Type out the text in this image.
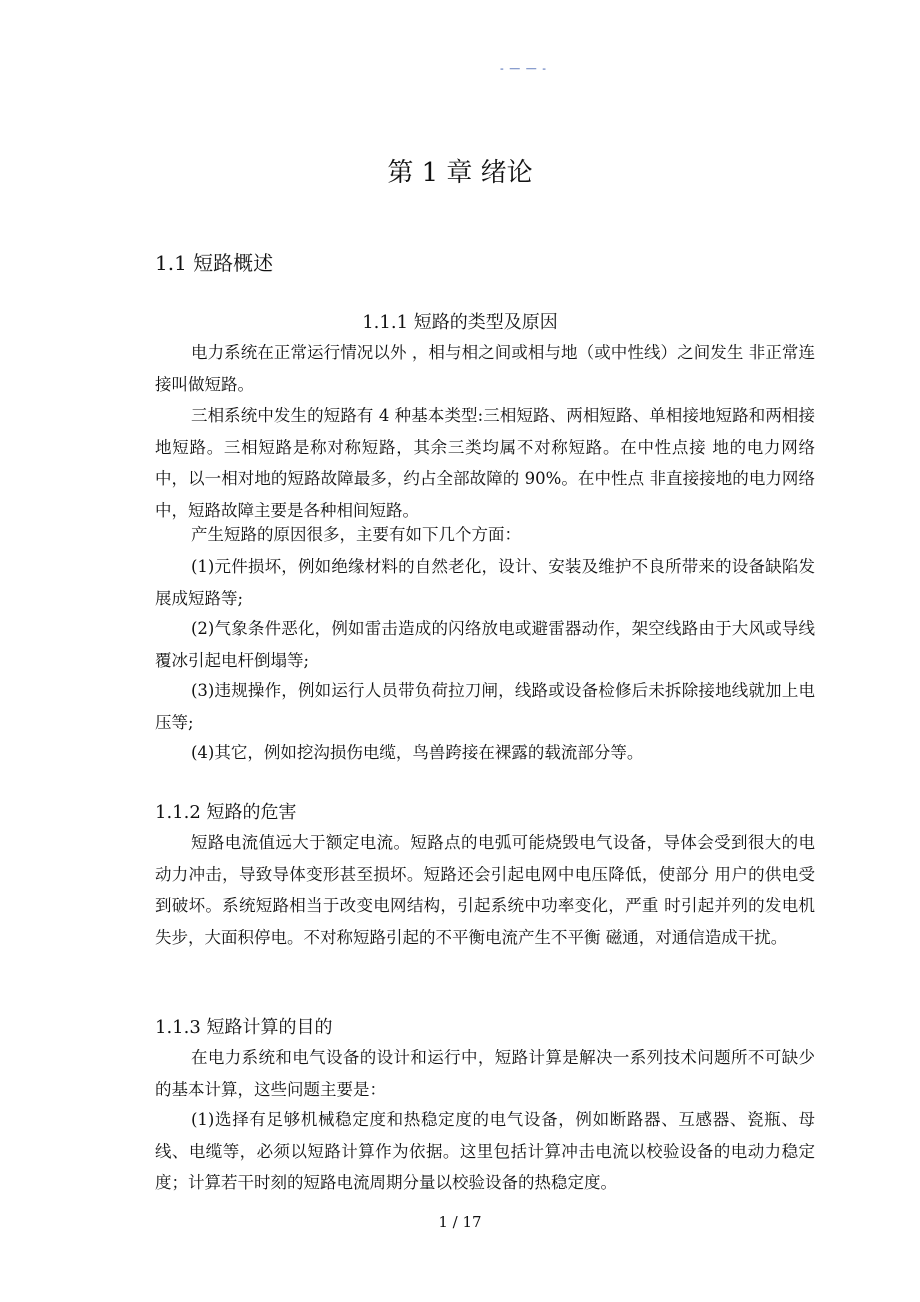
- — — -
第 1 章 绪论
1.1 短路概述
1.1.1 短路的类型及原因

电力系统在正常运行情况以外 ，相与相之间或相与地（或中性线）之间发生 非正常连接叫做短路。

三相系统中发生的短路有 4 种基本类型:三相短路、两相短路、单相接地短路和两相接地短路。三相短路是称对称短路，其余三类均属不对称短路。在中性点接 地的电力网络中，以一相对地的短路故障最多，约占全部故障的 90%。在中性点 非直接接地的电力网络中，短路故障主要是各种相间短路。

产生短路的原因很多，主要有如下几个方面：

(1)元件损坏，例如绝缘材料的自然老化，设计、安装及维护不良所带来的设备缺陷发展成短路等;

(2)气象条件恶化，例如雷击造成的闪络放电或避雷器动作，架空线路由于大风或导线覆冰引起电杆倒塌等;

(3)违规操作，例如运行人员带负荷拉刀闸，线路或设备检修后未拆除接地线就加上电压等;

(4)其它，例如挖沟损伤电缆，鸟兽跨接在裸露的载流部分等。

1.1.2 短路的危害

短路电流值远大于额定电流。短路点的电弧可能烧毁电气设备，导体会受到很大的电动力冲击，导致导体变形甚至损坏。短路还会引起电网中电压降低，使部分 用户的供电受到破坏。系统短路相当于改变电网结构，引起系统中功率变化，严重 时引起并列的发电机失步，大面积停电。不对称短路引起的不平衡电流产生不平衡 磁通，对通信造成干扰。

1.1.3 短路计算的目的

在电力系统和电气设备的设计和运行中，短路计算是解决一系列技术问题所不可缺少的基本计算，这些问题主要是：

(1)选择有足够机械稳定度和热稳定度的电气设备，例如断路器、互感器、瓷瓶、母线、电缆等，必须以短路计算作为依据。这里包括计算冲击电流以校验设备的电动力稳定度；计算若干时刻的短路电流周期分量以校验设备的热稳定度。

1 / 17
